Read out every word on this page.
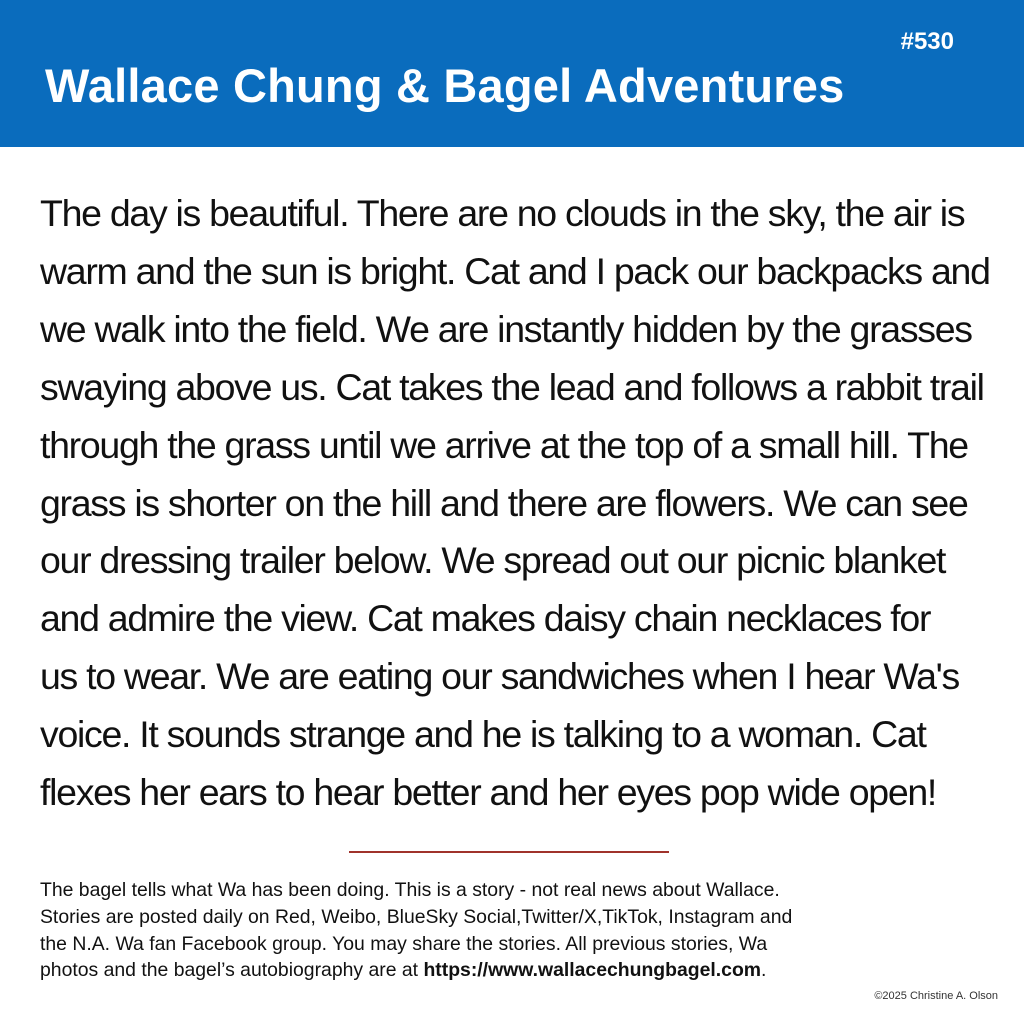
#530
Wallace Chung & Bagel Adventures
The day is beautiful. There are no clouds in the sky, the air is
warm and the sun is bright. Cat and I pack our backpacks and
we walk into the field. We are instantly hidden by the grasses
swaying above us. Cat takes the lead and follows a rabbit trail
through the grass until we arrive at the top of a small hill. The
grass is shorter on the hill and there are flowers. We can see
our dressing trailer below. We spread out our picnic blanket
and admire the view. Cat makes daisy chain necklaces for
us to wear. We are eating our sandwiches when I hear Wa's
voice. It sounds strange and he is talking to a woman. Cat
flexes her ears to hear better and her eyes pop wide open!
The bagel tells what Wa has been doing. This is a story - not real news about Wallace.
Stories are posted daily on Red, Weibo, BlueSky Social,Twitter/X,TikTok, Instagram and
the N.A. Wa fan Facebook group. You may share the stories. All previous stories, Wa
photos and the bagel’s autobiography are at https://www.wallacechungbagel.com.
©2025 Christine A. Olson
